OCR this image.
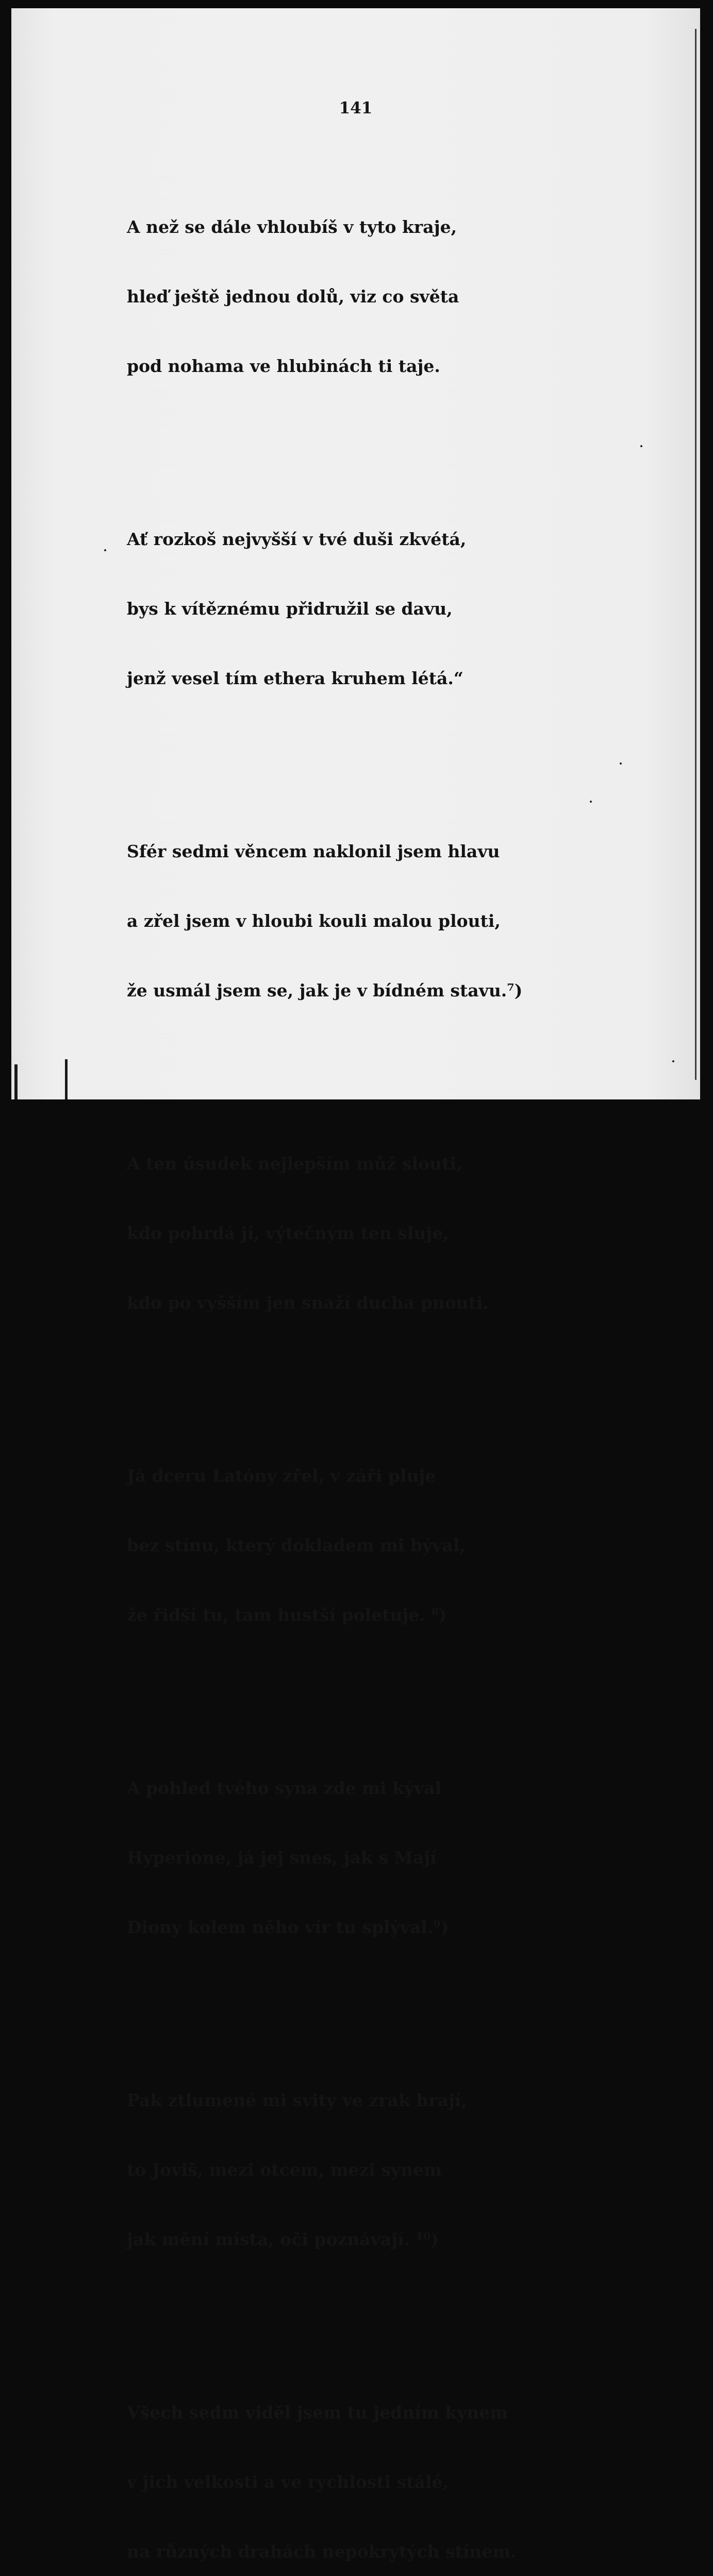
141

A než se dále vhloubíš v tyto kraje,

hleď ještě jednou dolů, viz co světa

pod nohama ve hlubinách ti taje.

Ať rozkoš nejvyšší v tvé duši zkvétá,

bys k vítěznému přidružil se davu,

jenž vesel tím ethera kruhem létá.“

Sfér sedmi věncem naklonil jsem hlavu

a zřel jsem v hloubi kouli malou plouti,

že usmál jsem se, jak je v bídném stavu.⁷)

A ten úsudek nejlepším můž slouti,

kdo pohrdá jí, výtečným ten sluje,

kdo po vyšším jen snaží ducha pnouti.

Já dceru Latóny zřel, v záři pluje

bez stínu, který dokladem mi býval,

že řidší tu, tam hustší poletuje. ⁸)

A pohled tvého syna zde mi kýval

Hyperione, já jej snes, jak s Mají

Diony kolem něho vír tu splýval.⁹)

Pak ztlumené mi svity ve zrak hrají,

to Joviš, mezi otcem, mezi synem

jak mění místa, oči poznávají. ¹⁰)

Všech sedm viděl jsem tu jedním kynem

v jich velkosti a ve rychlosti stálé,

na různých drahách nepokrytých stínem.
